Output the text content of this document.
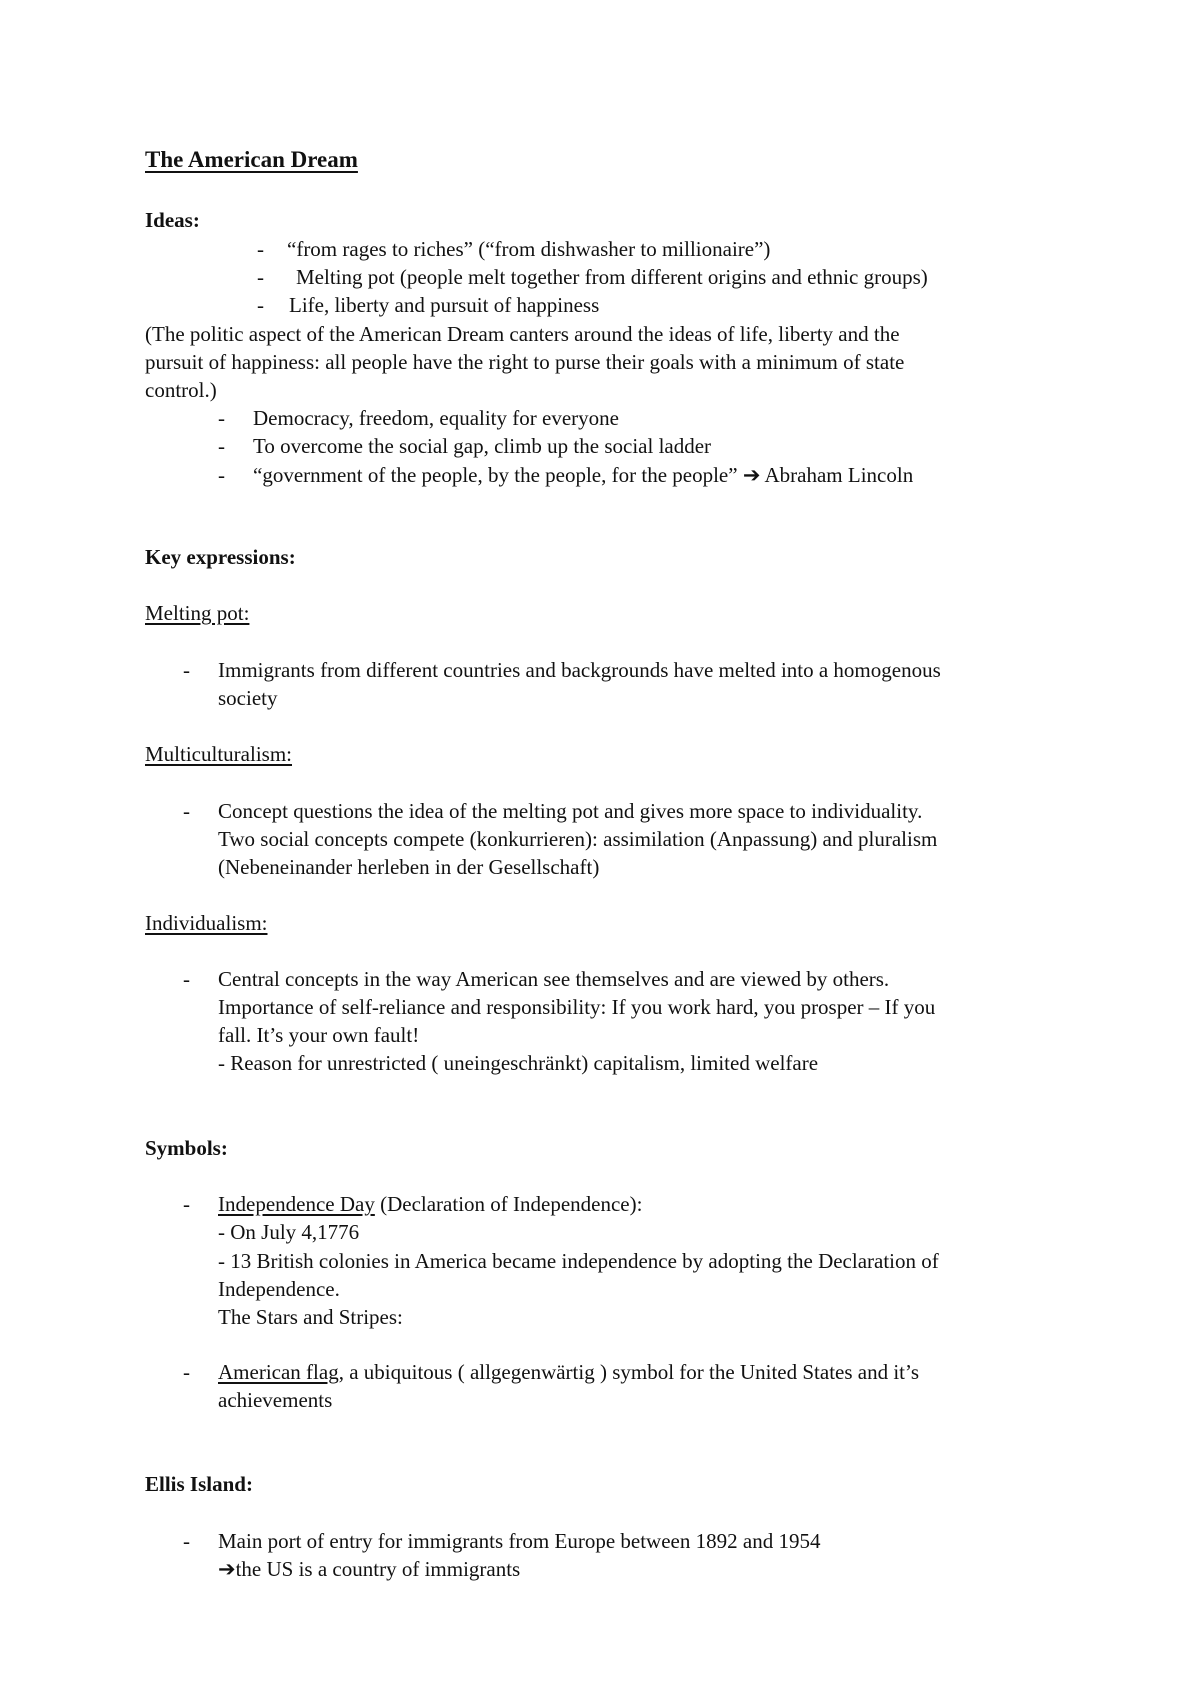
The American Dream
Ideas:
- “from rages to riches” (“from dishwasher to millionaire”)
- Melting pot (people melt together from different origins and ethnic groups)
- Life, liberty and pursuit of happiness
(The politic aspect of the American Dream canters around the ideas of life, liberty and the
pursuit of happiness: all people have the right to purse their goals with a minimum of state
control.)
- Democracy, freedom, equality for everyone
- To overcome the social gap, climb up the social ladder
- “government of the people, by the people, for the people” ➔ Abraham Lincoln
Key expressions:
Melting pot:
- Immigrants from different countries and backgrounds have melted into a homogenous
society
Multiculturalism:
- Concept questions the idea of the melting pot and gives more space to individuality.
Two social concepts compete (konkurrieren): assimilation (Anpassung) and pluralism
(Nebeneinander herleben in der Gesellschaft)
Individualism:
- Central concepts in the way American see themselves and are viewed by others.
Importance of self-reliance and responsibility: If you work hard, you prosper – If you
fall. It’s your own fault!
- Reason for unrestricted ( uneingeschränkt) capitalism, limited welfare
Symbols:
- Independence Day (Declaration of Independence):
- On July 4,1776
- 13 British colonies in America became independence by adopting the Declaration of
Independence.
The Stars and Stripes:
- American flag, a ubiquitous ( allgegenwärtig ) symbol for the United States and it’s
achievements
Ellis Island:
- Main port of entry for immigrants from Europe between 1892 and 1954
➔the US is a country of immigrants
